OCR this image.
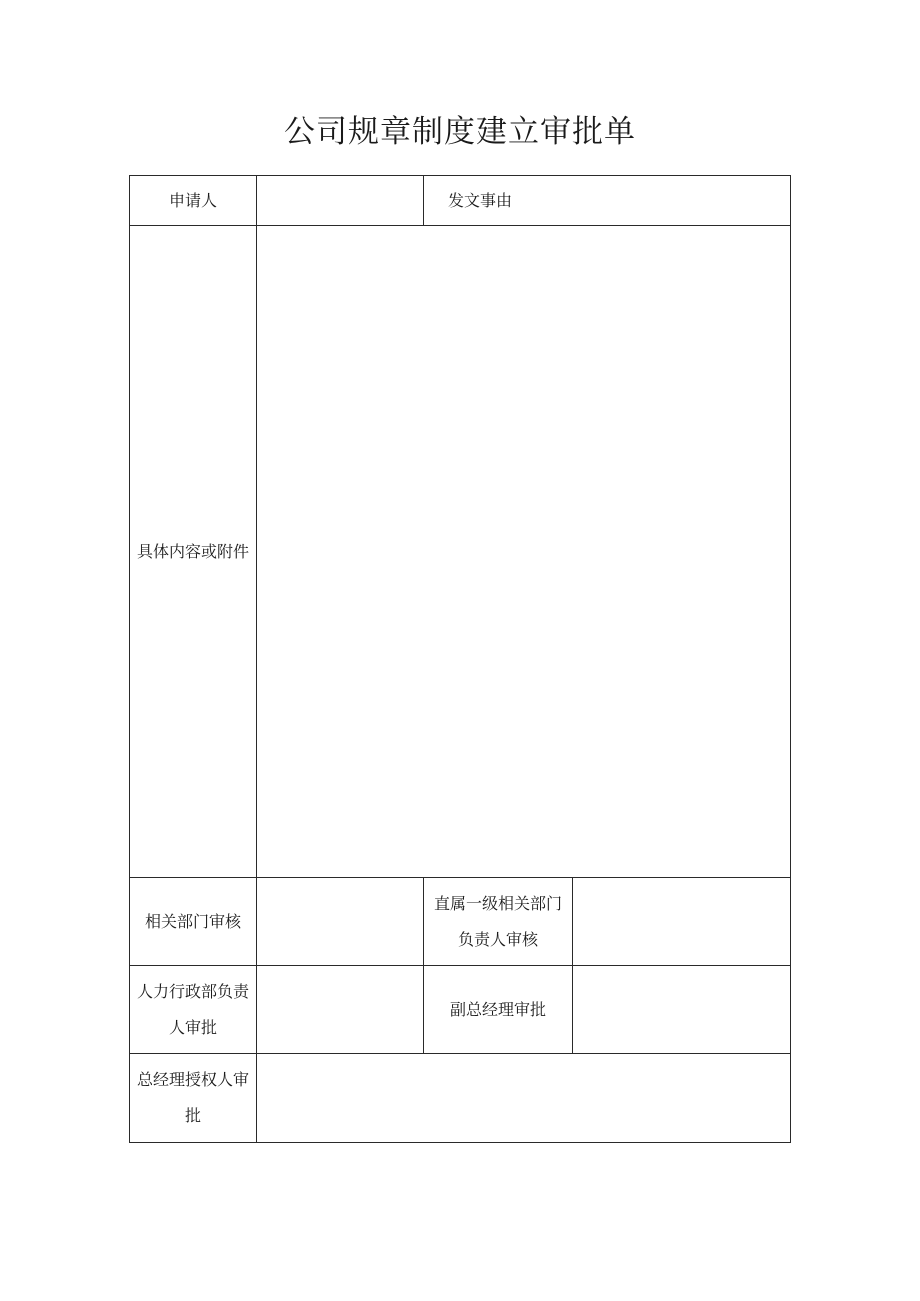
公司规章制度建立审批单
申请人		发文事由	
具体内容或附件			
相关部门审核		直属一级相关部门负责人审核	
人力行政部负责人审批		副总经理审批	
总经理授权人审批			
